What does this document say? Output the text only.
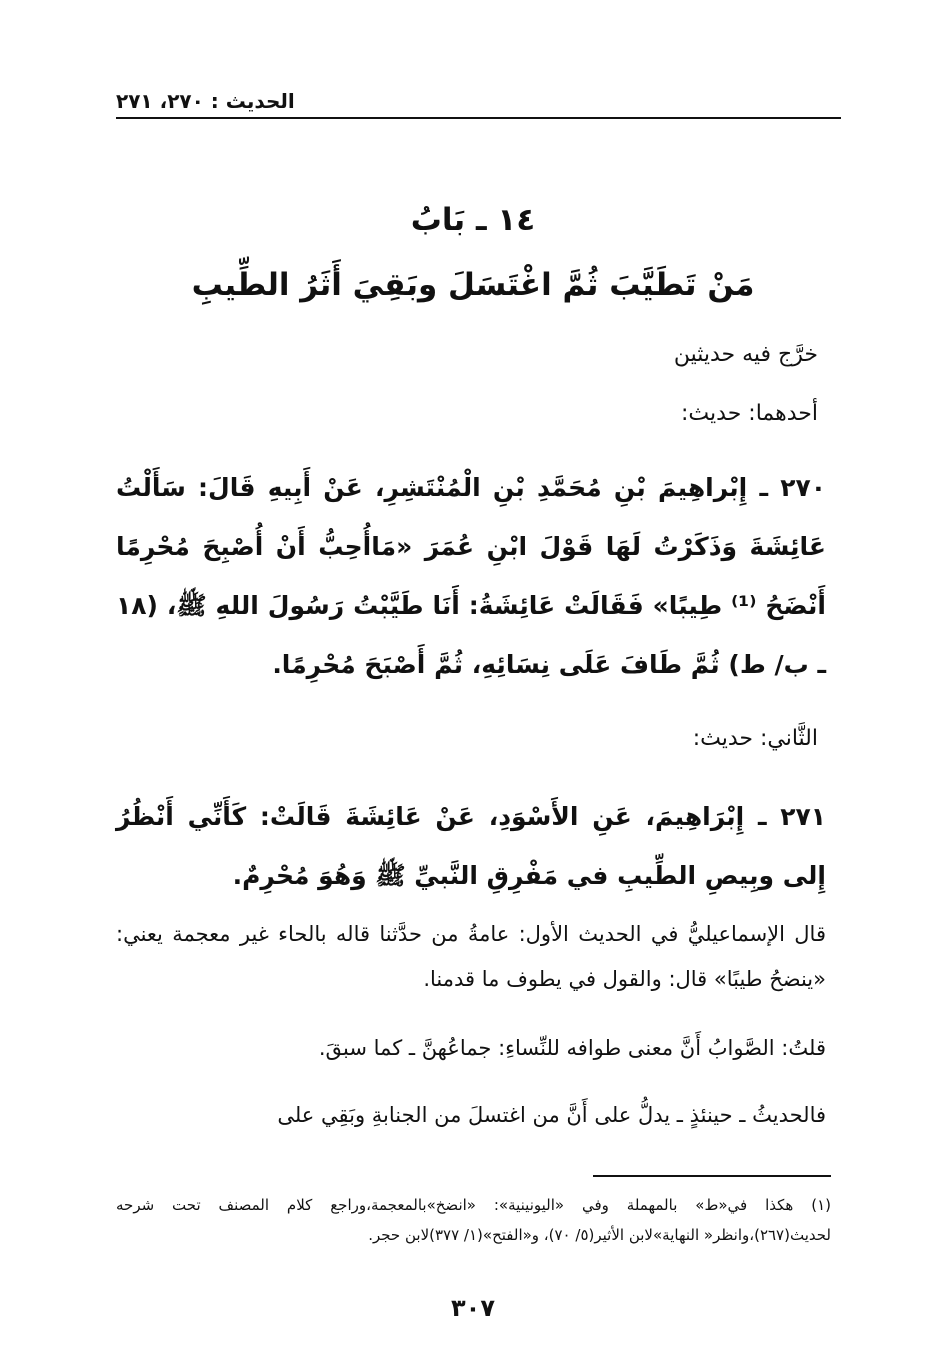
الحديث : ٢٧٠، ٢٧١
١٤ ـ بَابُ
مَنْ تَطَيَّبَ ثُمَّ اغْتَسَلَ وبَقِيَ أَثَرُ الطِّيبِ
خرَّج فيه حديثين
أحدهما: حديث:
٢٧٠ ـ إِبْراهِيمَ بْنِ مُحَمَّدِ بْنِ الْمُنْتَشِرِ، عَنْ أَبِيهِ قَالَ: سَأَلْتُ عَائِشَةَ وَذَكَرْتُ لَهَا قَوْلَ ابْنِ عُمَرَ «مَاأُحِبُّ أَنْ أُصْبِحَ مُحْرِمًا أَنْضَحُ ⁽¹⁾ طِيبًا» فَقَالَتْ عَائِشَةُ: أَنَا طَيَّبْتُ رَسُولَ اللهِ ﷺ، (١٨ ـ ب/ ط) ثُمَّ طَافَ عَلَى نِسَائِهِ، ثُمَّ أَصْبَحَ مُحْرِمًا.
الثَّاني: حديث:
٢٧١ ـ إِبْرَاهِيمَ، عَنِ الأَسْوَدِ، عَنْ عَائِشَةَ قَالَتْ: كَأَنِّي أَنْظُرُ إِلى وبِيصِ الطِّيبِ في مَفْرِقِ النَّبيِّ ﷺ وَهُوَ مُحْرِمٌ.
قال الإسماعيليُّ في الحديث الأول: عامةُ من حدَّثنا قاله بالحاء غير معجمة يعني: «ينضحُ طيبًا» قال: والقول في يطوف ما قدمنا.
قلتُ: الصَّوابُ أَنَّ معنى طوافه للنِّساءِ: جماعُهنَّ ـ كما سبقَ.
فالحديثُ ـ حينئذٍ ـ يدلُّ على أَنَّ من اغتسلَ من الجنابةِ وبَقِي على
(١) هكذا في«ط» بالمهملة وفي «اليونينية»: «انضخ»بالمعجمة،وراجع كلام المصنف تحت شرحه لحديث(٢٦٧)،وانظر« النهاية»لابن الأثير(٥/ ٧٠)، و«الفتح»(١/ ٣٧٧)لابن حجر.
٣٠٧
